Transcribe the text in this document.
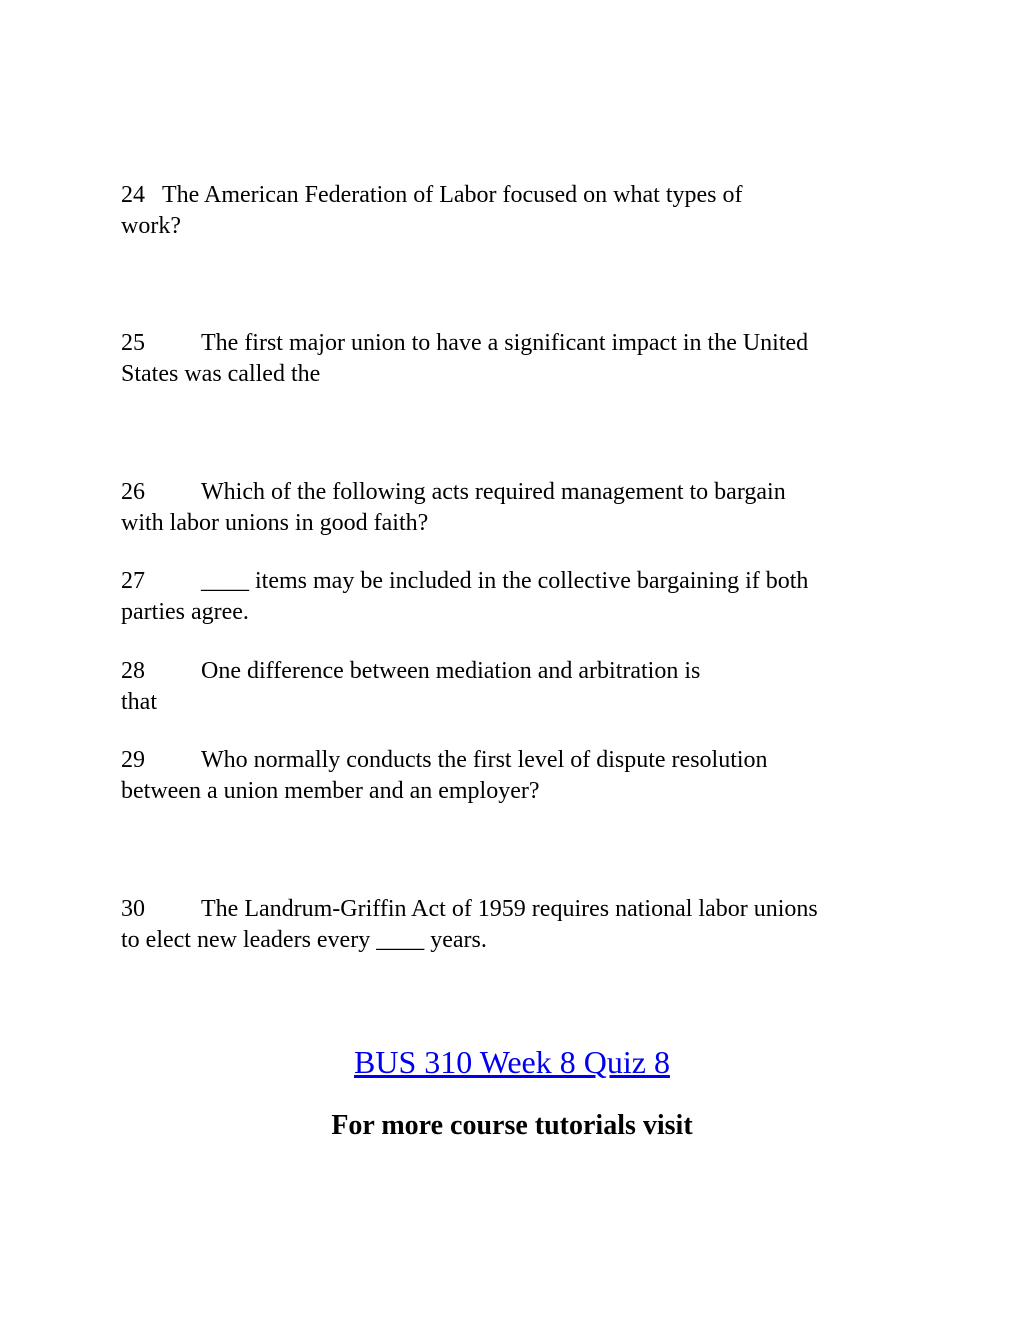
24 The American Federation of Labor focused on what types of
work?

25 The first major union to have a significant impact in the United
States was called the

26 Which of the following acts required management to bargain
with labor unions in good faith?

27 ____ items may be included in the collective bargaining if both
parties agree.

28 One difference between mediation and arbitration is
that

29 Who normally conducts the first level of dispute resolution
between a union member and an employer?

30 The Landrum-Griffin Act of 1959 requires national labor unions
to elect new leaders every ____ years.

BUS 310 Week 8 Quiz 8
For more course tutorials visit
